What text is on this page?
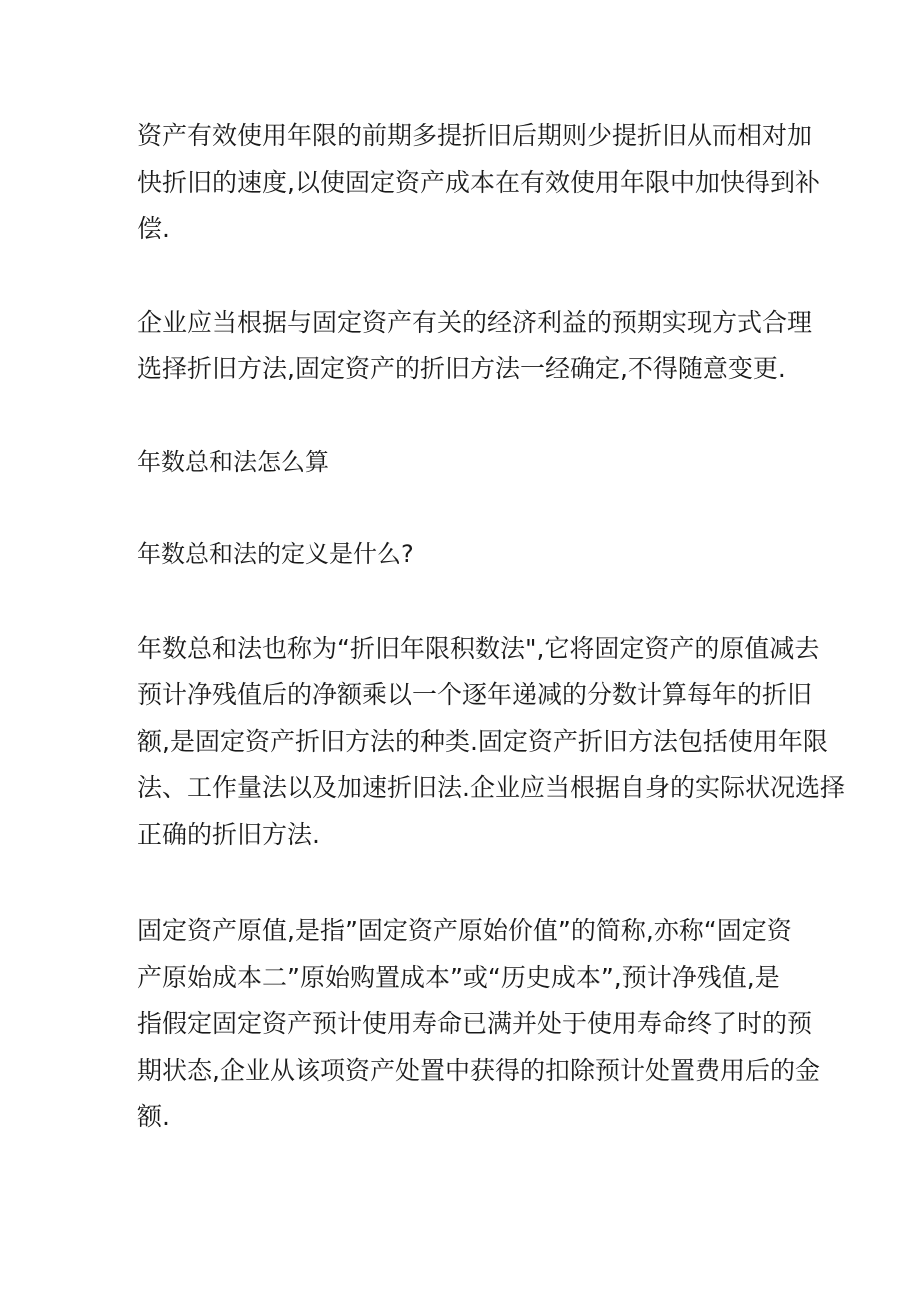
资产有效使用年限的前期多提折旧后期则少提折旧从而相对加
快折旧的速度,以使固定资产成本在有效使用年限中加快得到补
偿.

企业应当根据与固定资产有关的经济利益的预期实现方式合理
选择折旧方法,固定资产的折旧方法一经确定,不得随意变更.

年数总和法怎么算

年数总和法的定义是什么?

年数总和法也称为“折旧年限积数法",它将固定资产的原值减去
预计净残值后的净额乘以一个逐年递减的分数计算每年的折旧
额,是固定资产折旧方法的种类.固定资产折旧方法包括使用年限
法、工作量法以及加速折旧法.企业应当根据自身的实际状况选择
正确的折旧方法.

固定资产原值,是指”固定资产原始价值”的简称,亦称“固定资
产原始成本二”原始购置成本”或“历史成本”,预计净残值,是
指假定固定资产预计使用寿命已满并处于使用寿命终了时的预
期状态,企业从该项资产处置中获得的扣除预计处置费用后的金
额.
